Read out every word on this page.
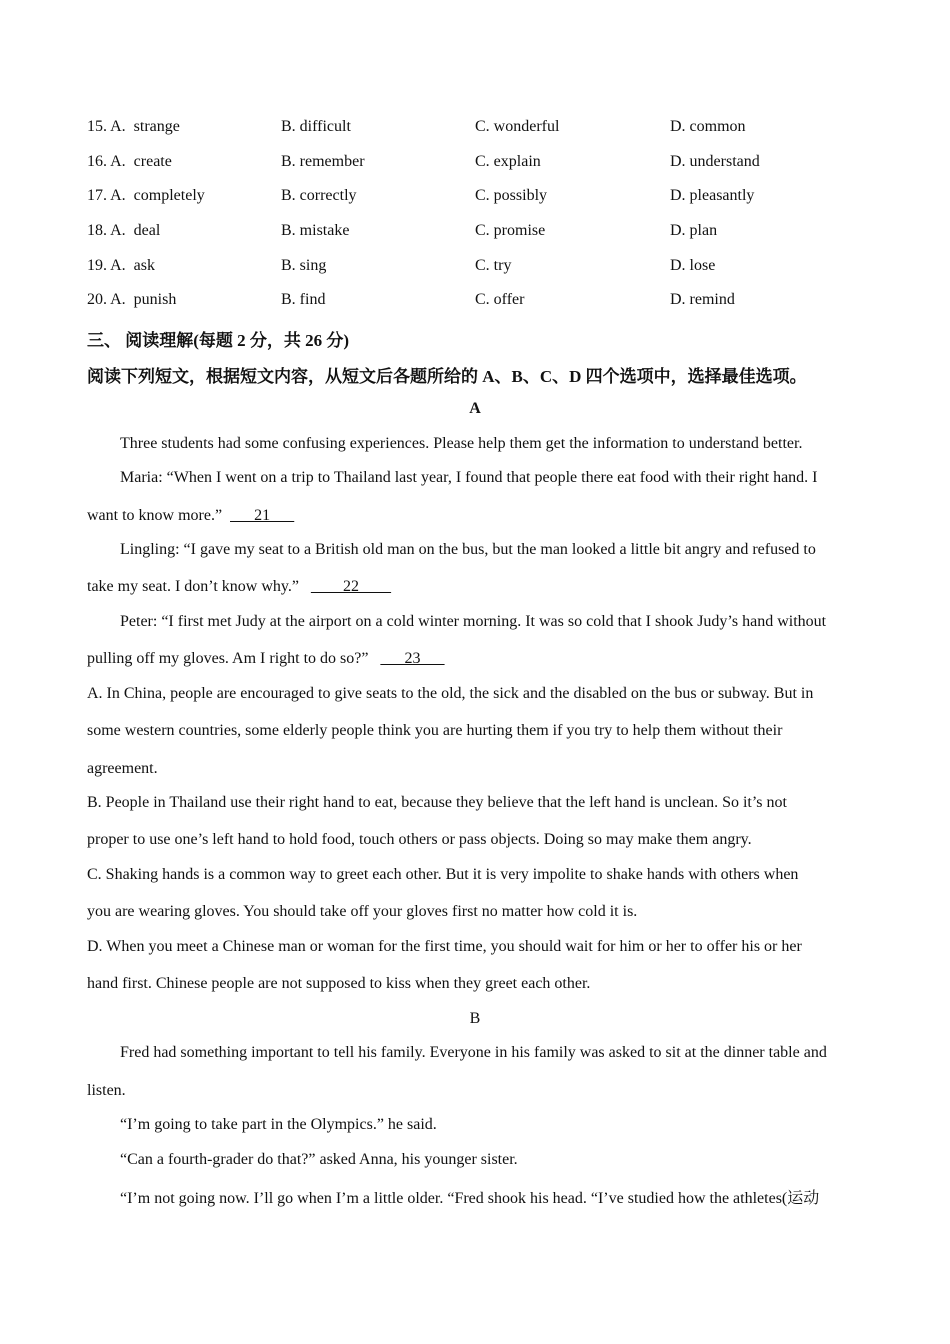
15. A. strange	B. difficult	C. wonderful	D. common
16. A. create	B. remember	C. explain	D. understand
17. A. completely	B. correctly	C. possibly	D. pleasantly
18. A. deal	B. mistake	C. promise	D. plan
19. A. ask	B. sing	C. try	D. lose
20. A. punish	B. find	C. offer	D. remind
三、 阅读理解(每题 2 分，共 26 分)
阅读下列短文，根据短文内容，从短文后各题所给的 A、B、C、D 四个选项中，选择最佳选项。
A
Three students had some confusing experiences. Please help them get the information to understand better.
Maria: “When I went on a trip to Thailand last year, I found that people there eat food with their right hand. I
want to know more.” ___21___
Lingling: “I gave my seat to a British old man on the bus, but the man looked a little bit angry and refused to
take my seat. I don’t know why.” ____22____
Peter: “I first met Judy at the airport on a cold winter morning. It was so cold that I shook Judy’s hand without
pulling off my gloves. Am I right to do so?” ___23___
A. In China, people are encouraged to give seats to the old, the sick and the disabled on the bus or subway. But in
some western countries, some elderly people think you are hurting them if you try to help them without their
agreement.
B. People in Thailand use their right hand to eat, because they believe that the left hand is unclean. So it’s not
proper to use one’s left hand to hold food, touch others or pass objects. Doing so may make them angry.
C. Shaking hands is a common way to greet each other. But it is very impolite to shake hands with others when
you are wearing gloves. You should take off your gloves first no matter how cold it is.
D. When you meet a Chinese man or woman for the first time, you should wait for him or her to offer his or her
hand first. Chinese people are not supposed to kiss when they greet each other.
B
Fred had something important to tell his family. Everyone in his family was asked to sit at the dinner table and
listen.
“I’m going to take part in the Olympics.” he said.
“Can a fourth-grader do that?” asked Anna, his younger sister.
“I’m not going now. I’ll go when I’m a little older. “Fred shook his head. “I’ve studied how the athletes(运动
